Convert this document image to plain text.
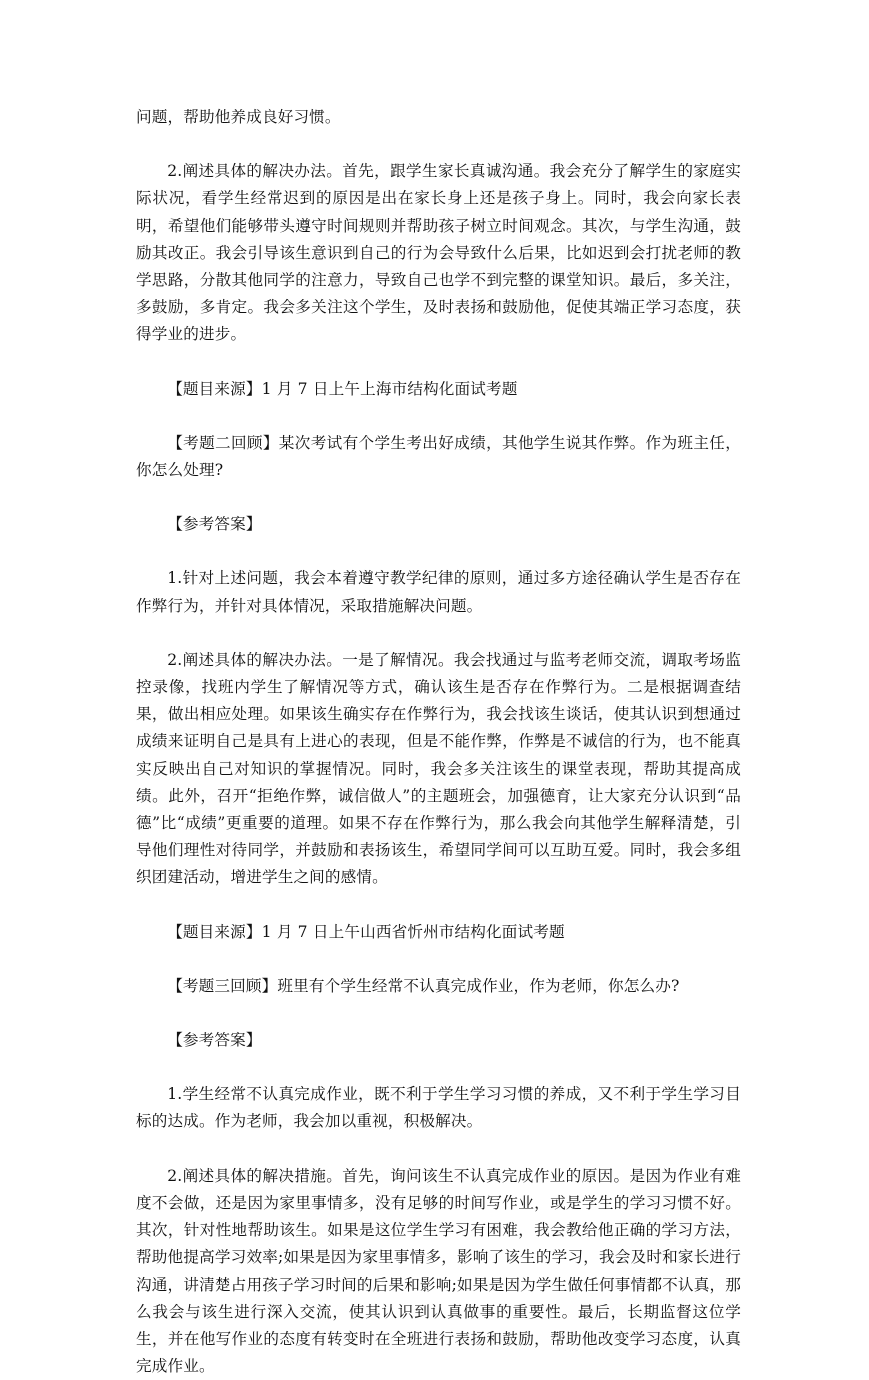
问题，帮助他养成良好习惯。

2.阐述具体的解决办法。首先，跟学生家长真诚沟通。我会充分了解学生的家庭实际状况，看学生经常迟到的原因是出在家长身上还是孩子身上。同时，我会向家长表明，希望他们能够带头遵守时间规则并帮助孩子树立时间观念。其次，与学生沟通，鼓励其改正。我会引导该生意识到自己的行为会导致什么后果，比如迟到会打扰老师的教学思路，分散其他同学的注意力，导致自己也学不到完整的课堂知识。最后，多关注，多鼓励，多肯定。我会多关注这个学生，及时表扬和鼓励他，促使其端正学习态度，获得学业的进步。

【题目来源】1 月 7 日上午上海市结构化面试考题

【考题二回顾】某次考试有个学生考出好成绩，其他学生说其作弊。作为班主任，你怎么处理?

【参考答案】

1.针对上述问题，我会本着遵守教学纪律的原则，通过多方途径确认学生是否存在作弊行为，并针对具体情况，采取措施解决问题。

2.阐述具体的解决办法。一是了解情况。我会找通过与监考老师交流，调取考场监控录像，找班内学生了解情况等方式，确认该生是否存在作弊行为。二是根据调查结果，做出相应处理。如果该生确实存在作弊行为，我会找该生谈话，使其认识到想通过成绩来证明自己是具有上进心的表现，但是不能作弊，作弊是不诚信的行为，也不能真实反映出自己对知识的掌握情况。同时，我会多关注该生的课堂表现，帮助其提高成绩。此外，召开“拒绝作弊，诚信做人”的主题班会，加强德育，让大家充分认识到“品德”比“成绩”更重要的道理。如果不存在作弊行为，那么我会向其他学生解释清楚，引导他们理性对待同学，并鼓励和表扬该生，希望同学间可以互助互爱。同时，我会多组织团建活动，增进学生之间的感情。

【题目来源】1 月 7 日上午山西省忻州市结构化面试考题

【考题三回顾】班里有个学生经常不认真完成作业，作为老师，你怎么办?

【参考答案】

1.学生经常不认真完成作业，既不利于学生学习习惯的养成，又不利于学生学习目标的达成。作为老师，我会加以重视，积极解决。

2.阐述具体的解决措施。首先，询问该生不认真完成作业的原因。是因为作业有难度不会做，还是因为家里事情多，没有足够的时间写作业，或是学生的学习习惯不好。其次，针对性地帮助该生。如果是这位学生学习有困难，我会教给他正确的学习方法，帮助他提高学习效率;如果是因为家里事情多，影响了该生的学习，我会及时和家长进行沟通，讲清楚占用孩子学习时间的后果和影响;如果是因为学生做任何事情都不认真，那么我会与该生进行深入交流，使其认识到认真做事的重要性。最后，长期监督这位学生，并在他写作业的态度有转变时在全班进行表扬和鼓励，帮助他改变学习态度，认真完成作业。
